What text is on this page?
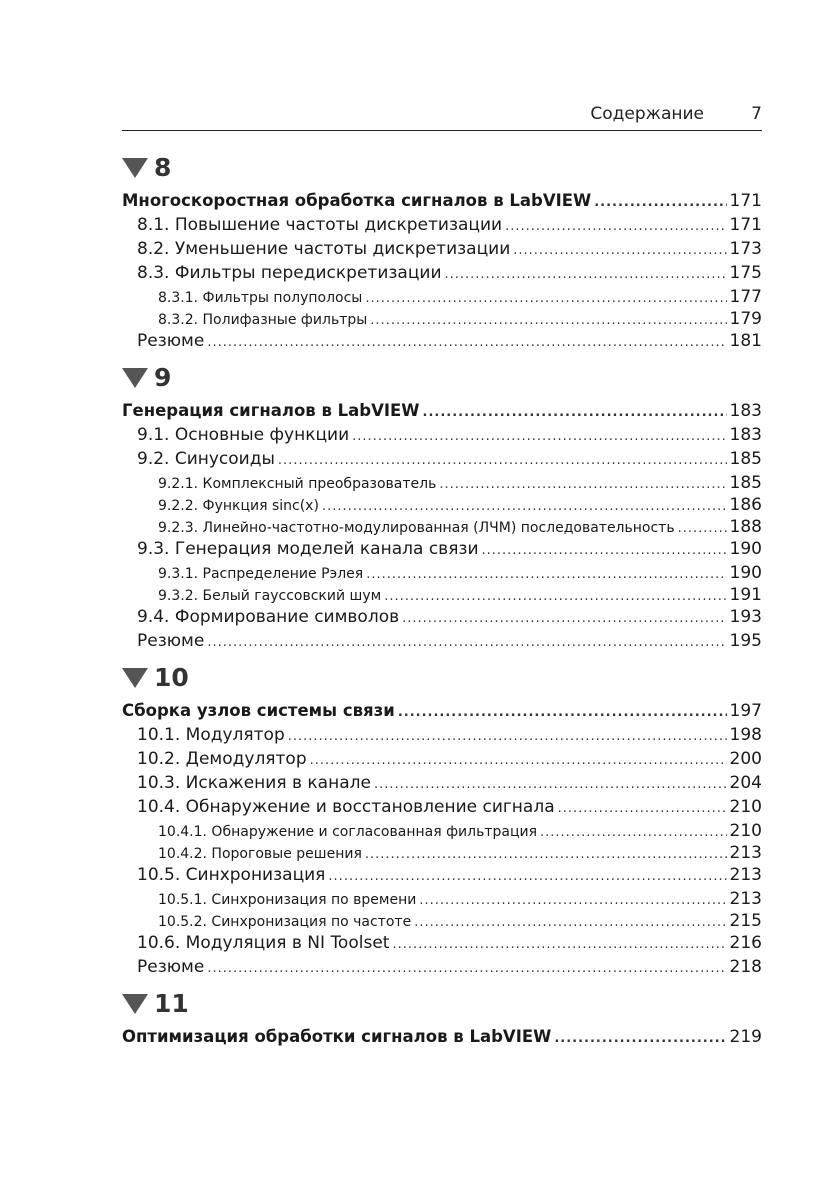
Содержание	7
8
Многоскоростная обработка сигналов в LabVIEW .....	171
8.1. Повышение частоты дискретизации .....	171
8.2. Уменьшение частоты дискретизации .....	173
8.3. Фильтры передискретизации .....	175
8.3.1. Фильтры полуполосы .....	177
8.3.2. Полифазные фильтры .....	179
Резюме .....	181
9
Генерация сигналов в LabVIEW .....	183
9.1. Основные функции .....	183
9.2. Синусоиды .....	185
9.2.1. Комплексный преобразователь .....	185
9.2.2. Функция sinc(x) .....	186
9.2.3. Линейно-частотно-модулированная (ЛЧМ) последовательность .....	188
9.3. Генерация моделей канала связи .....	190
9.3.1. Распределение Рэлея .....	190
9.3.2. Белый гауссовский шум .....	191
9.4. Формирование символов .....	193
Резюме .....	195
10
Сборка узлов системы связи .....	197
10.1. Модулятор .....	198
10.2. Демодулятор .....	200
10.3. Искажения в канале .....	204
10.4. Обнаружение и восстановление сигнала .....	210
10.4.1. Обнаружение и согласованная фильтрация .....	210
10.4.2. Пороговые решения .....	213
10.5. Синхронизация .....	213
10.5.1. Синхронизация по времени .....	213
10.5.2. Синхронизация по частоте .....	215
10.6. Модуляция в NI Toolset .....	216
Резюме .....	218
11
Оптимизация обработки сигналов в LabVIEW .....	219
